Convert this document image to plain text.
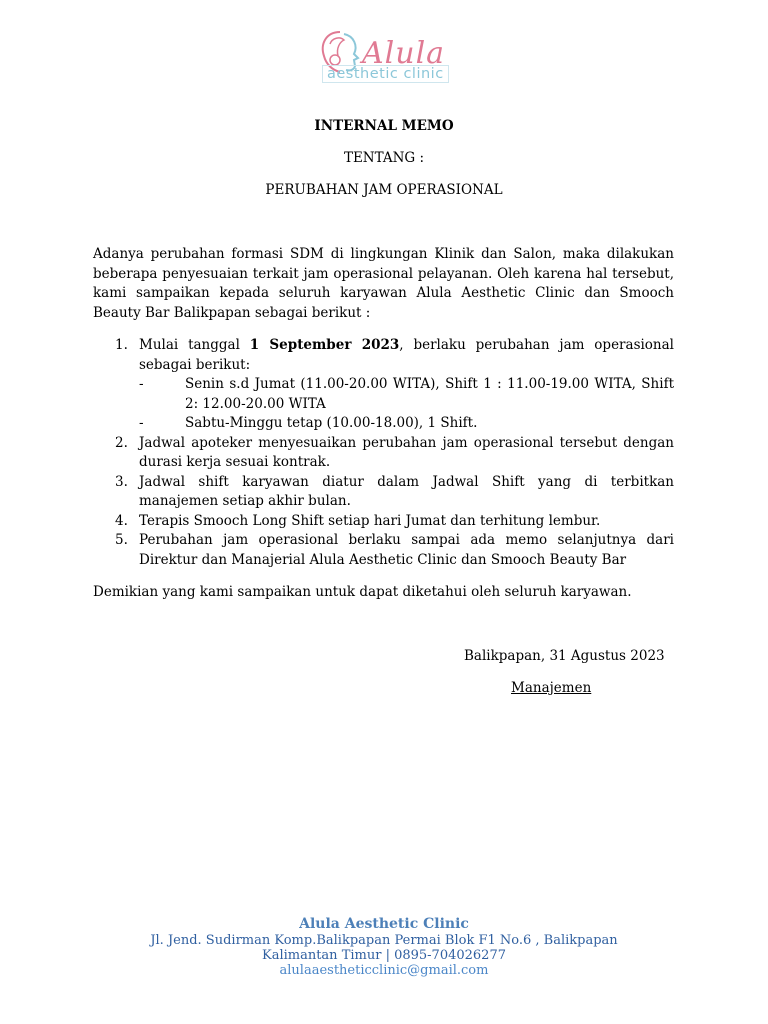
Alula
aesthetic clinic
INTERNAL MEMO
TENTANG :
PERUBAHAN JAM OPERASIONAL

Adanya perubahan formasi SDM di lingkungan Klinik dan Salon, maka dilakukan beberapa penyesuaian terkait jam operasional pelayanan. Oleh karena hal tersebut, kami sampaikan kepada seluruh karyawan Alula Aesthetic Clinic dan Smooch Beauty Bar Balikpapan sebagai berikut :

1. Mulai tanggal 1 September 2023, berlaku perubahan jam operasional sebagai berikut:
-	Senin s.d Jumat (11.00-20.00 WITA), Shift 1 : 11.00-19.00 WITA, Shift 2: 12.00-20.00 WITA
-	Sabtu-Minggu tetap (10.00-18.00), 1 Shift.
2. Jadwal apoteker menyesuaikan perubahan jam operasional tersebut dengan durasi kerja sesuai kontrak.
3. Jadwal shift karyawan diatur dalam Jadwal Shift yang di terbitkan manajemen setiap akhir bulan.
4. Terapis Smooch Long Shift setiap hari Jumat dan terhitung lembur.
5. Perubahan jam operasional berlaku sampai ada memo selanjutnya dari Direktur dan Manajerial Alula Aesthetic Clinic dan Smooch Beauty Bar

Demikian yang kami sampaikan untuk dapat diketahui oleh seluruh karyawan.

Balikpapan, 31 Agustus 2023
Manajemen
Alula Aesthetic Clinic
Jl. Jend. Sudirman Komp.Balikpapan Permai Blok F1 No.6 , Balikpapan
Kalimantan Timur | 0895-704026277
alulaaestheticclinic@gmail.com
